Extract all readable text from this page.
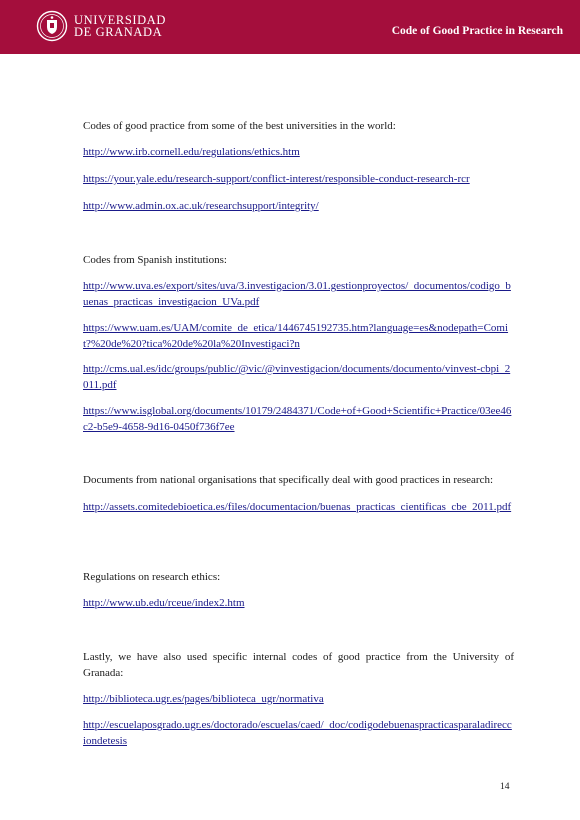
UNIVERSIDAD
DE GRANADA	Code of Good Practice in Research

Codes of good practice from some of the best universities in the world:

http://www.irb.cornell.edu/regulations/ethics.htm
https://your.yale.edu/research-support/conflict-interest/responsible-conduct-research-rcr
http://www.admin.ox.ac.uk/researchsupport/integrity/

Codes from Spanish institutions:

http://www.uva.es/export/sites/uva/3.investigacion/3.01.gestionproyectos/_documentos/codigo_buenas_practicas_investigacion_UVa.pdf
https://www.uam.es/UAM/comite_de_etica/1446745192735.htm?language=es&nodepath=Comit?%20de%20?tica%20de%20la%20Investigaci?n
http://cms.ual.es/idc/groups/public/@vic/@vinvestigacion/documents/documento/vinvest-cbpi_2011.pdf
https://www.isglobal.org/documents/10179/2484371/Code+of+Good+Scientific+Practice/03ee46c2-b5e9-4658-9d16-0450f736f7ee

Documents from national organisations that specifically deal with good practices in research:

http://assets.comitedebioetica.es/files/documentacion/buenas_practicas_cientificas_cbe_2011.pdf

Regulations on research ethics:

http://www.ub.edu/rceue/index2.htm

Lastly, we have also used specific internal codes of good practice from the University of Granada:

http://biblioteca.ugr.es/pages/biblioteca_ugr/normativa
http://escuelaposgrado.ugr.es/doctorado/escuelas/caed/_doc/codigodebuenaspracticasparaladirecciondetesis
14
